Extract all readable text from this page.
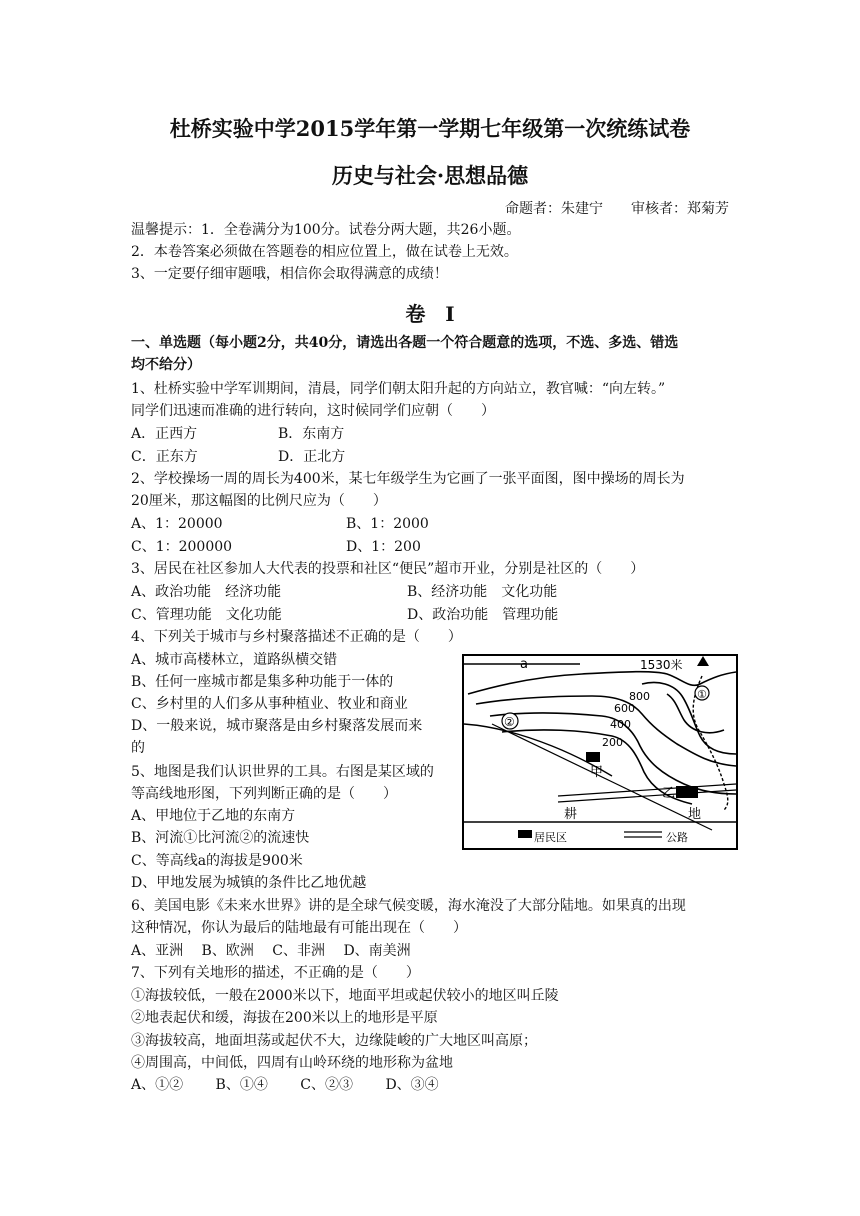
杜桥实验中学2015学年第一学期七年级第一次统练试卷
历史与社会·思想品德
命题者：朱建宁　　审核者：郑菊芳
温馨提示：1．全卷满分为100分。试卷分两大题，共26小题。
2．本卷答案必须做在答题卷的相应位置上，做在试卷上无效。
3、一定要仔细审题哦，相信你会取得满意的成绩！
卷　Ⅰ
一、单选题（每小题2分，共40分，请选出各题一个符合题意的选项，不选、多选、错选
均不给分）
1、杜桥实验中学军训期间，清晨，同学们朝太阳升起的方向站立，教官喊：“向左转。”
同学们迅速而准确的进行转向，这时候同学们应朝（　　）
A．正西方	B．东南方
C．正东方	D．正北方
2、学校操场一周的周长为400米，某七年级学生为它画了一张平面图，图中操场的周长为
20厘米，那这幅图的比例尺应为（　　）
A、1：20000	B、1：2000
C、1：200000	D、1：200
3、居民在社区参加人大代表的投票和社区“便民”超市开业，分别是社区的（　　）
A、政治功能　经济功能	B、经济功能　文化功能
C、管理功能　文化功能	D、政治功能　管理功能
4、下列关于城市与乡村聚落描述不正确的是（　　）
A、城市高楼林立，道路纵横交错
B、任何一座城市都是集多种功能于一体的
C、乡村里的人们多从事种植业、牧业和商业
D、一般来说，城市聚落是由乡村聚落发展而来
的
5、地图是我们认识世界的工具。右图是某区域的
等高线地形图，下列判断正确的是（　　）
A、甲地位于乙地的东南方
B、河流①比河流②的流速快
C、等高线a的海拔是900米
D、甲地发展为城镇的条件比乙地优越
a	1530米
800
600
400
200
①
②
甲
乙
耕	地
居民区	公路
6、美国电影《未来水世界》讲的是全球气候变暖，海水淹没了大部分陆地。如果真的出现
这种情况，你认为最后的陆地最有可能出现在（　　）
A、亚洲　 B、欧洲　 C、非洲　 D、南美洲
7、下列有关地形的描述，不正确的是（　　）
①海拔较低，一般在2000米以下，地面平坦或起伏较小的地区叫丘陵
②地表起伏和缓，海拔在200米以上的地形是平原
③海拔较高，地面坦荡或起伏不大，边缘陡峻的广大地区叫高原；
④周围高，中间低，四周有山岭环绕的地形称为盆地
A、①②　　 B、①④　　 C、②③　　 D、③④
